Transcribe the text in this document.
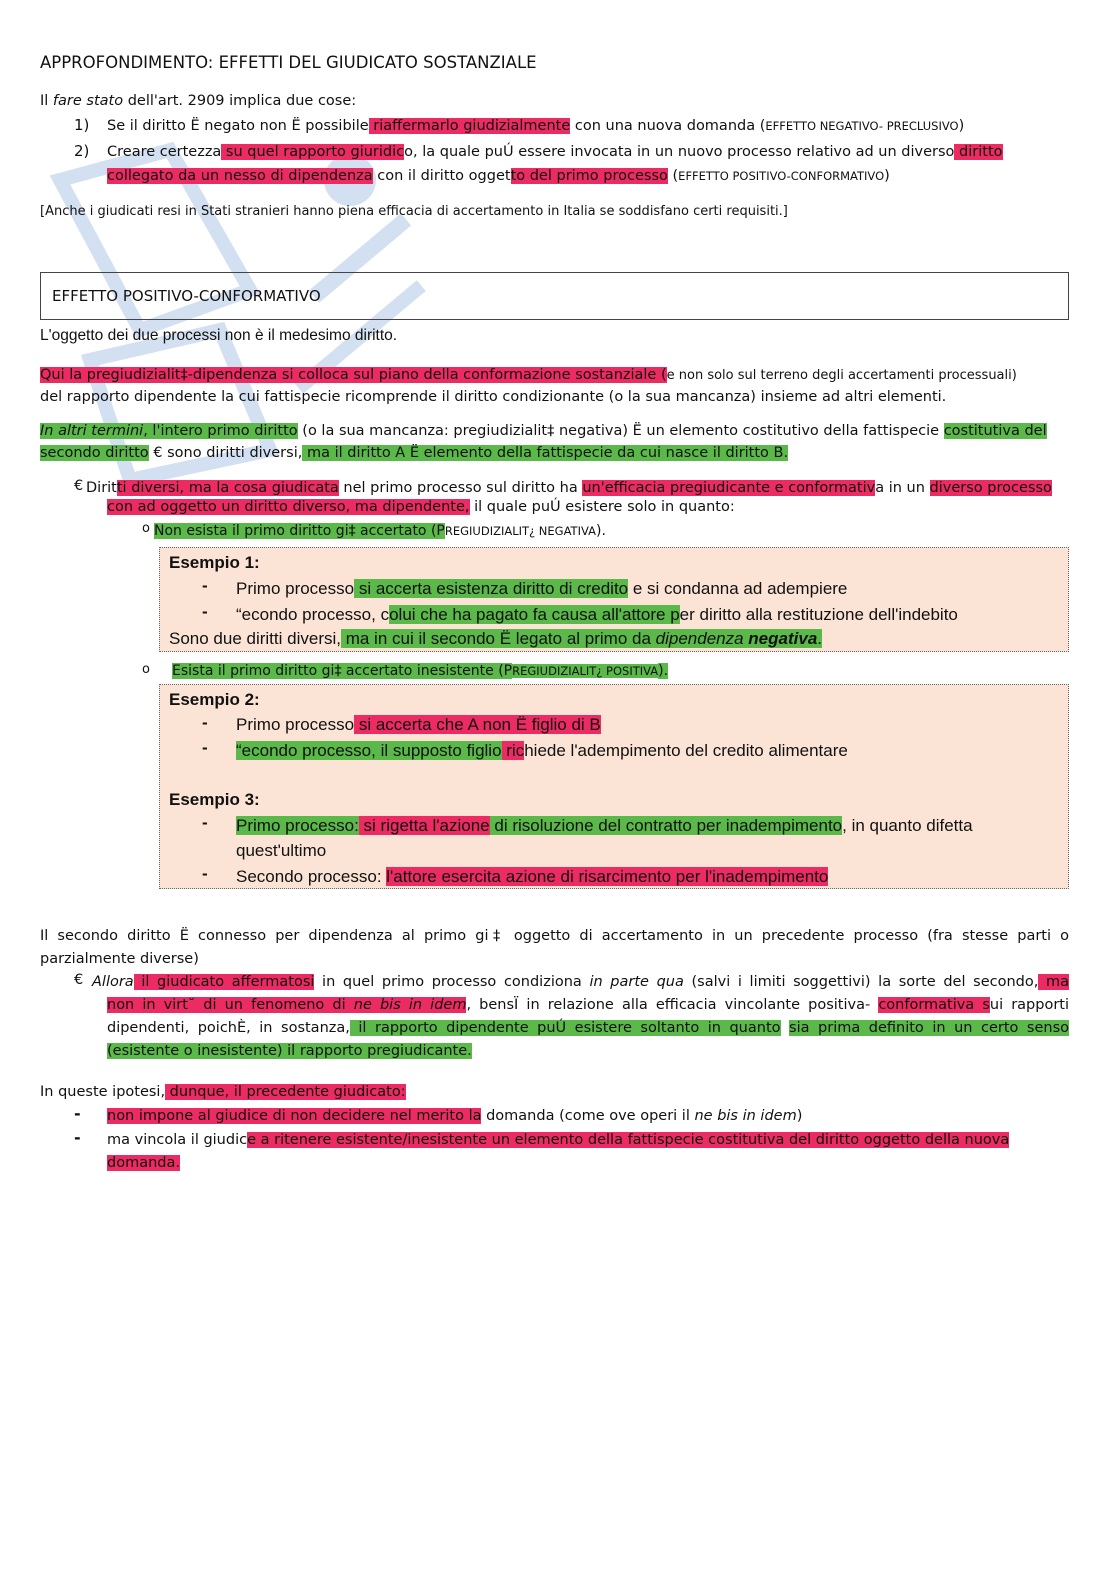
APPROFONDIMENTO: EFFETTI DEL GIUDICATO SOSTANZIALE
Il fare stato dell'art. 2909 implica due cose:
1) Se il diritto Ë negato non Ë possibile riaffermarlo giudizialmente con una nuova domanda (EFFETTO NEGATIVO- PRECLUSIVO)
2) Creare certezza su quel rapporto giuridico, la quale puÚ essere invocata in un nuovo processo relativo ad un diverso diritto
collegato da un nesso di dipendenza con il diritto oggetto del primo processo (EFFETTO POSITIVO-CONFORMATIVO)
[Anche i giudicati resi in Stati stranieri hanno piena efficacia di accertamento in Italia se soddisfano certi requisiti.]
EFFETTO POSITIVO-CONFORMATIVO
L'oggetto dei due processi non è il medesimo diritto.
Qui la pregiudizialit‡-dipendenza si colloca sul piano della conformazione sostanziale (e non solo sul terreno degli accertamenti processuali)
del rapporto dipendente la cui fattispecie ricomprende il diritto condizionante (o la sua mancanza) insieme ad altri elementi.
In altri termini, l'intero primo diritto (o la sua mancanza: pregiudizialit‡ negativa) Ë un elemento costitutivo della fattispecie costitutiva del
secondo diritto € sono diritti diversi, ma il diritto A Ë elemento della fattispecie da cui nasce il diritto B.
€ Diritti diversi, ma la cosa giudicata nel primo processo sul diritto ha un'efficacia pregiudicante e conformativa in un diverso processo
con ad oggetto un diritto diverso, ma dipendente, il quale puÚ esistere solo in quanto:
o Non esista il primo diritto gi‡ accertato (PREGIUDIZIALIT¿ NEGATIVA).
Esempio 1:
- Primo processo si accerta esistenza diritto di credito e si condanna ad adempiere
- “econdo processo, colui che ha pagato fa causa all'attore per diritto alla restituzione dell'indebito
Sono due diritti diversi, ma in cui il secondo Ë legato al primo da dipendenza negativa.
o Esista il primo diritto gi‡ accertato inesistente (PREGIUDIZIALIT¿ POSITIVA).
Esempio 2:
- Primo processo si accerta che A non Ë figlio di B
- “econdo processo, il supposto figlio richiede l'adempimento del credito alimentare
Esempio 3:
- Primo processo: si rigetta l'azione di risoluzione del contratto per inadempimento, in quanto difetta
quest'ultimo
- Secondo processo: l'attore esercita azione di risarcimento per l'inadempimento
Il secondo diritto Ë connesso per dipendenza al primo gi‡ oggetto di accertamento in un precedente processo (fra stesse parti o
parzialmente diverse)
€ Allora il giudicato affermatosi in quel primo processo condiziona in parte qua (salvi i limiti soggettivi) la sorte del secondo, ma
non in virt˘ di un fenomeno di ne bis in idem, bensÏ in relazione alla efficacia vincolante positiva- conformativa sui rapporti
dipendenti, poichÈ, in sostanza, il rapporto dipendente puÚ esistere soltanto in quanto sia prima definito in un certo senso
(esistente o inesistente) il rapporto pregiudicante.
In queste ipotesi, dunque, il precedente giudicato:
- non impone al giudice di non decidere nel merito la domanda (come ove operi il ne bis in idem)
- ma vincola il giudice a ritenere esistente/inesistente un elemento della fattispecie costitutiva del diritto oggetto della nuova
domanda.
